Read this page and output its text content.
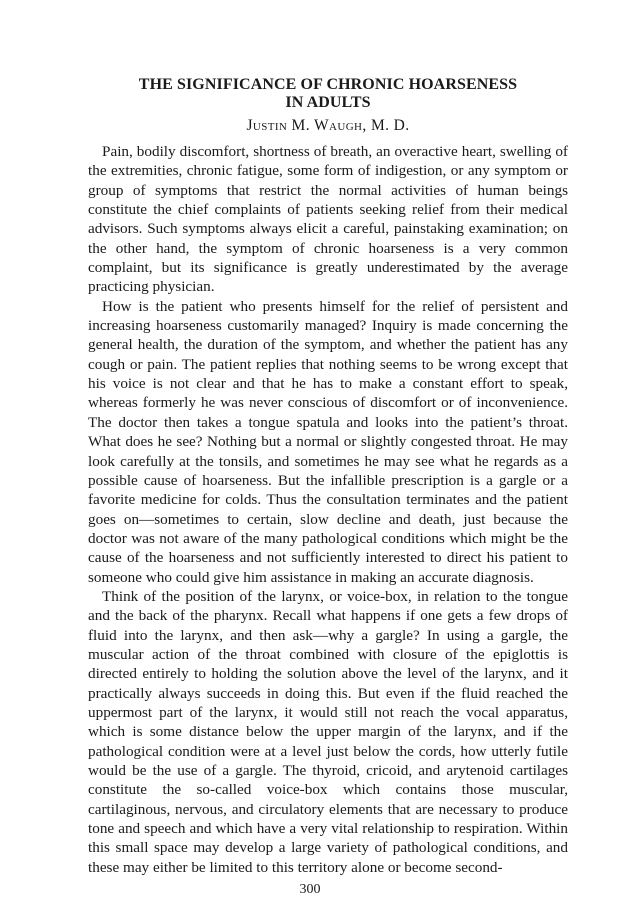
THE SIGNIFICANCE OF CHRONIC HOARSENESS
IN ADULTS
Justin M. Waugh, M. D.

Pain, bodily discomfort, shortness of breath, an overactive heart, swelling of the extremities, chronic fatigue, some form of indigestion, or any symptom or group of symptoms that restrict the normal activities of human beings constitute the chief complaints of patients seeking relief from their medical advisors. Such symptoms always elicit a careful, painstaking examination; on the other hand, the symptom of chronic hoarseness is a very common complaint, but its significance is greatly underestimated by the average practicing physician.

How is the patient who presents himself for the relief of persistent and increasing hoarseness customarily managed? Inquiry is made concerning the general health, the duration of the symptom, and whether the patient has any cough or pain. The patient replies that nothing seems to be wrong except that his voice is not clear and that he has to make a constant effort to speak, whereas formerly he was never conscious of discomfort or of inconvenience. The doctor then takes a tongue spatula and looks into the patient’s throat. What does he see? Nothing but a normal or slightly congested throat. He may look carefully at the tonsils, and sometimes he may see what he regards as a possible cause of hoarseness. But the infallible prescription is a gargle or a favorite medicine for colds. Thus the consultation terminates and the patient goes on—sometimes to certain, slow decline and death, just because the doctor was not aware of the many pathological conditions which might be the cause of the hoarseness and not sufficiently interested to direct his patient to someone who could give him assistance in making an accurate diagnosis.

Think of the position of the larynx, or voice-box, in relation to the tongue and the back of the pharynx. Recall what happens if one gets a few drops of fluid into the larynx, and then ask—why a gargle? In using a gargle, the muscular action of the throat combined with closure of the epiglottis is directed entirely to holding the solution above the level of the larynx, and it practically always succeeds in doing this. But even if the fluid reached the uppermost part of the larynx, it would still not reach the vocal apparatus, which is some distance below the upper margin of the larynx, and if the pathological condition were at a level just below the cords, how utterly futile would be the use of a gargle. The thyroid, cricoid, and arytenoid cartilages constitute the so-called voice-box which contains those muscular, cartilaginous, nervous, and circulatory elements that are necessary to produce tone and speech and which have a very vital relationship to respiration. Within this small space may develop a large variety of pathological conditions, and these may either be limited to this territory alone or become second-

300
